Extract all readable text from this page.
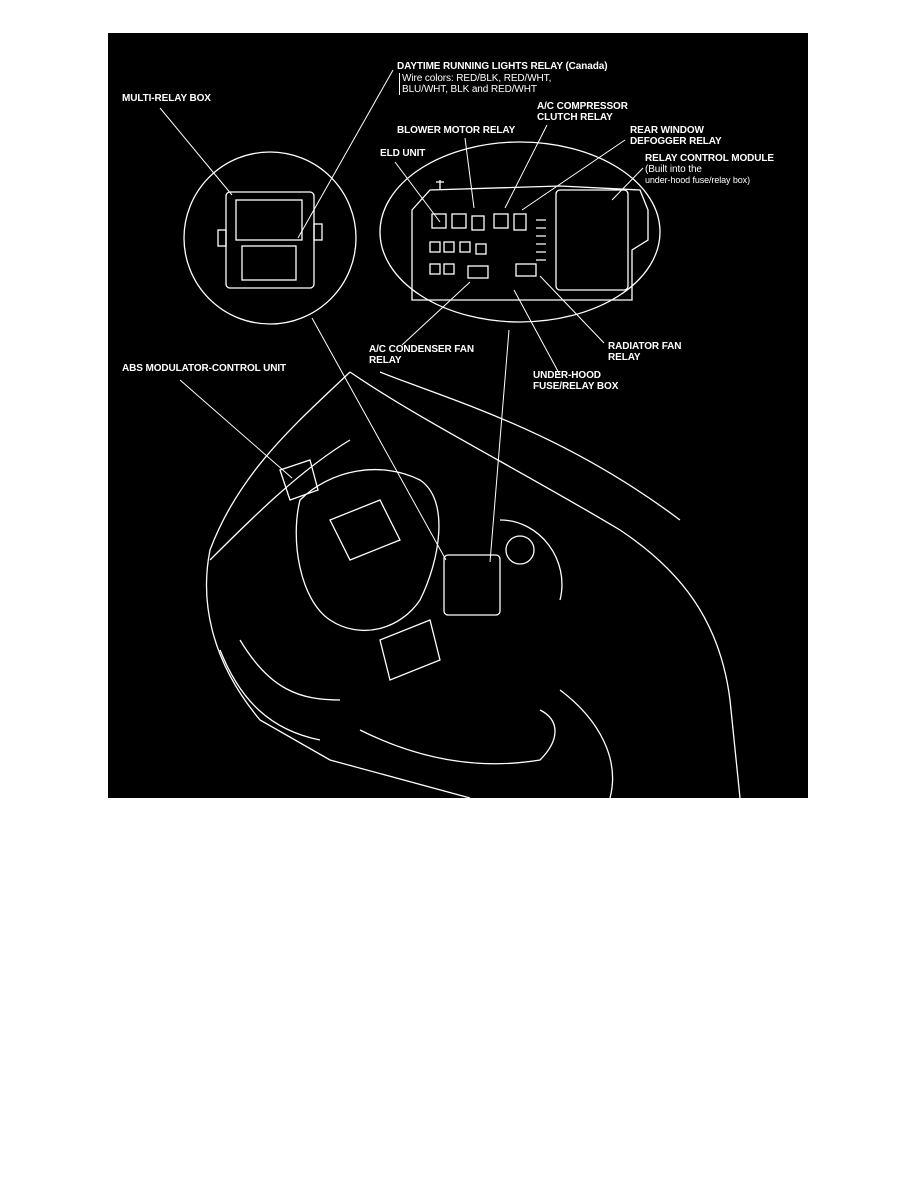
DAYTIME RUNNING LIGHTS RELAY (Canada)
Wire colors: RED/BLK, RED/WHT,
BLU/WHT, BLK and RED/WHT
MULTI-RELAY BOX
A/C COMPRESSOR
CLUTCH RELAY
BLOWER MOTOR RELAY	REAR WINDOW
DEFOGGER RELAY
ELD UNIT	RELAY CONTROL MODULE
(Built into the
under-hood fuse/relay box)
A/C CONDENSER FAN
RELAY
RADIATOR FAN
RELAY
ABS MODULATOR-CONTROL UNIT
UNDER-HOOD
FUSE/RELAY BOX
